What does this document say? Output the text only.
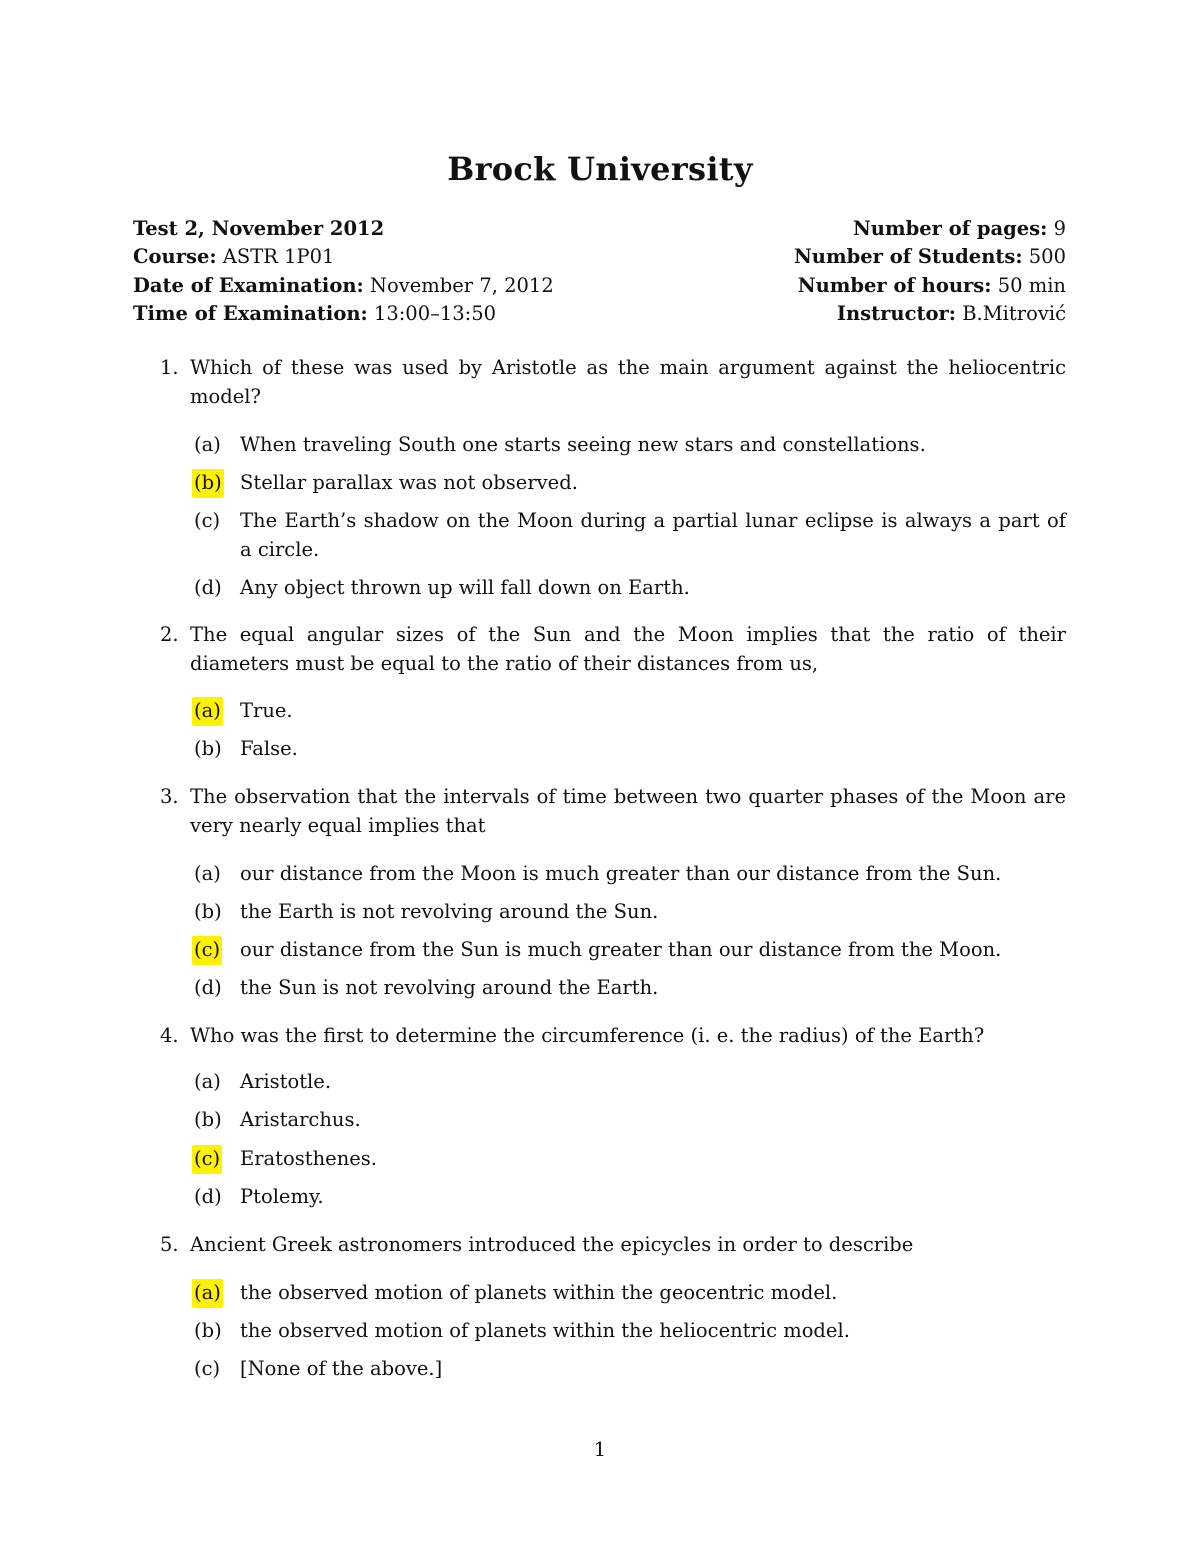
Brock University
Test 2, November 2012	Number of pages: 9
Course: ASTR 1P01	Number of Students: 500
Date of Examination: November 7, 2012	Number of hours: 50 min
Time of Examination: 13:00–13:50	Instructor: B.Mitrović
1. Which of these was used by Aristotle as the main argument against the heliocentric model?
(a) When traveling South one starts seeing new stars and constellations.
(b) Stellar parallax was not observed.
(c) The Earth’s shadow on the Moon during a partial lunar eclipse is always a part of a circle.
(d) Any object thrown up will fall down on Earth.
2. The equal angular sizes of the Sun and the Moon implies that the ratio of their diameters must be equal to the ratio of their distances from us,
(a) True.
(b) False.
3. The observation that the intervals of time between two quarter phases of the Moon are very nearly equal implies that
(a) our distance from the Moon is much greater than our distance from the Sun.
(b) the Earth is not revolving around the Sun.
(c) our distance from the Sun is much greater than our distance from the Moon.
(d) the Sun is not revolving around the Earth.
4. Who was the first to determine the circumference (i. e. the radius) of the Earth?
(a) Aristotle.
(b) Aristarchus.
(c) Eratosthenes.
(d) Ptolemy.
5. Ancient Greek astronomers introduced the epicycles in order to describe
(a) the observed motion of planets within the geocentric model.
(b) the observed motion of planets within the heliocentric model.
(c) [None of the above.]
1
